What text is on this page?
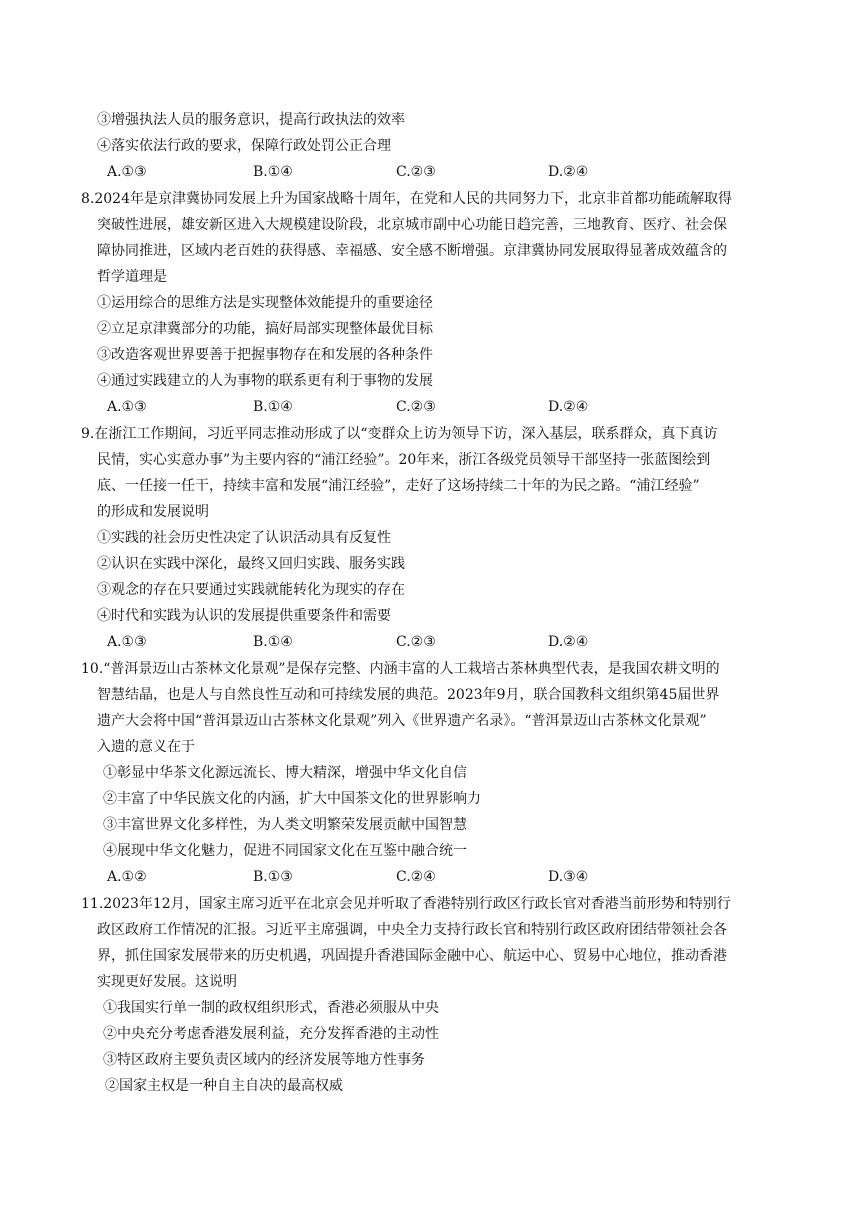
③增强执法人员的服务意识，提高行政执法的效率
④落实依法行政的要求，保障行政处罚公正合理
A.①③	B.①④	C.②③	D.②④
8.2024年是京津冀协同发展上升为国家战略十周年，在党和人民的共同努力下，北京非首都功能疏解取得
突破性进展，雄安新区进入大规模建设阶段，北京城市副中心功能日趋完善，三地教育、医疗、社会保
障协同推进，区域内老百姓的获得感、幸福感、安全感不断增强。京津冀协同发展取得显著成效蕴含的
哲学道理是
①运用综合的思维方法是实现整体效能提升的重要途径
②立足京津冀部分的功能，搞好局部实现整体最优目标
③改造客观世界要善于把握事物存在和发展的各种条件
④通过实践建立的人为事物的联系更有利于事物的发展
A.①③	B.①④	C.②③	D.②④
9.在浙江工作期间，习近平同志推动形成了以“变群众上访为领导下访，深入基层，联系群众，真下真访
民情，实心实意办事”为主要内容的“浦江经验”。20年来，浙江各级党员领导干部坚持一张蓝图绘到
底、一任接一任干，持续丰富和发展“浦江经验”，走好了这场持续二十年的为民之路。“浦江经验”
的形成和发展说明
①实践的社会历史性决定了认识活动具有反复性
②认识在实践中深化，最终又回归实践、服务实践
③观念的存在只要通过实践就能转化为现实的存在
④时代和实践为认识的发展提供重要条件和需要
A.①③	B.①④	C.②③	D.②④
10.“普洱景迈山古茶林文化景观”是保存完整、内涵丰富的人工栽培古茶林典型代表，是我国农耕文明的
智慧结晶，也是人与自然良性互动和可持续发展的典范。2023年9月，联合国教科文组织第45届世界
遗产大会将中国“普洱景迈山古茶林文化景观”列入《世界遗产名录》。“普洱景迈山古茶林文化景观”
入遗的意义在于
①彰显中华茶文化源远流长、博大精深，增强中华文化自信
②丰富了中华民族文化的内涵，扩大中国茶文化的世界影响力
③丰富世界文化多样性，为人类文明繁荣发展贡献中国智慧
④展现中华文化魅力，促进不同国家文化在互鉴中融合统一
A.①②	B.①③	C.②④	D.③④
11.2023年12月，国家主席习近平在北京会见并听取了香港特别行政区行政长官对香港当前形势和特别行
政区政府工作情况的汇报。习近平主席强调，中央全力支持行政长官和特别行政区政府团结带领社会各
界，抓住国家发展带来的历史机遇，巩固提升香港国际金融中心、航运中心、贸易中心地位，推动香港
实现更好发展。这说明
①我国实行单一制的政权组织形式，香港必须服从中央
②中央充分考虑香港发展利益，充分发挥香港的主动性
③特区政府主要负责区域内的经济发展等地方性事务
②国家主权是一种自主自决的最高权威
